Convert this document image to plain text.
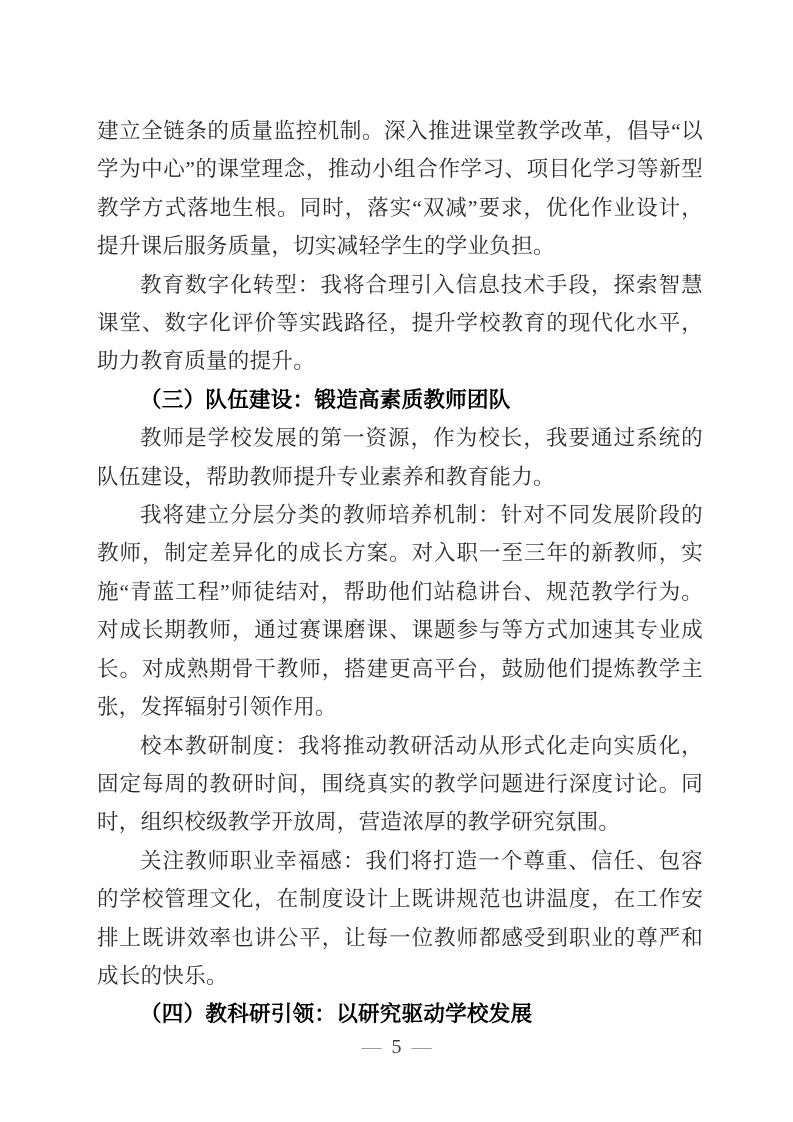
建立全链条的质量监控机制。深入推进课堂教学改革，倡导“以学为中心”的课堂理念，推动小组合作学习、项目化学习等新型教学方式落地生根。同时，落实“双减”要求，优化作业设计，提升课后服务质量，切实减轻学生的学业负担。

教育数字化转型：我将合理引入信息技术手段，探索智慧课堂、数字化评价等实践路径，提升学校教育的现代化水平，助力教育质量的提升。

（三）队伍建设：锻造高素质教师团队

教师是学校发展的第一资源，作为校长，我要通过系统的队伍建设，帮助教师提升专业素养和教育能力。

我将建立分层分类的教师培养机制：针对不同发展阶段的教师，制定差异化的成长方案。对入职一至三年的新教师，实施“青蓝工程”师徒结对，帮助他们站稳讲台、规范教学行为。对成长期教师，通过赛课磨课、课题参与等方式加速其专业成长。对成熟期骨干教师，搭建更高平台，鼓励他们提炼教学主张，发挥辐射引领作用。

校本教研制度：我将推动教研活动从形式化走向实质化，固定每周的教研时间，围绕真实的教学问题进行深度讨论。同时，组织校级教学开放周，营造浓厚的教学研究氛围。

关注教师职业幸福感：我们将打造一个尊重、信任、包容的学校管理文化，在制度设计上既讲规范也讲温度，在工作安排上既讲效率也讲公平，让每一位教师都感受到职业的尊严和成长的快乐。

（四）教科研引领：以研究驱动学校发展

— 5 —
